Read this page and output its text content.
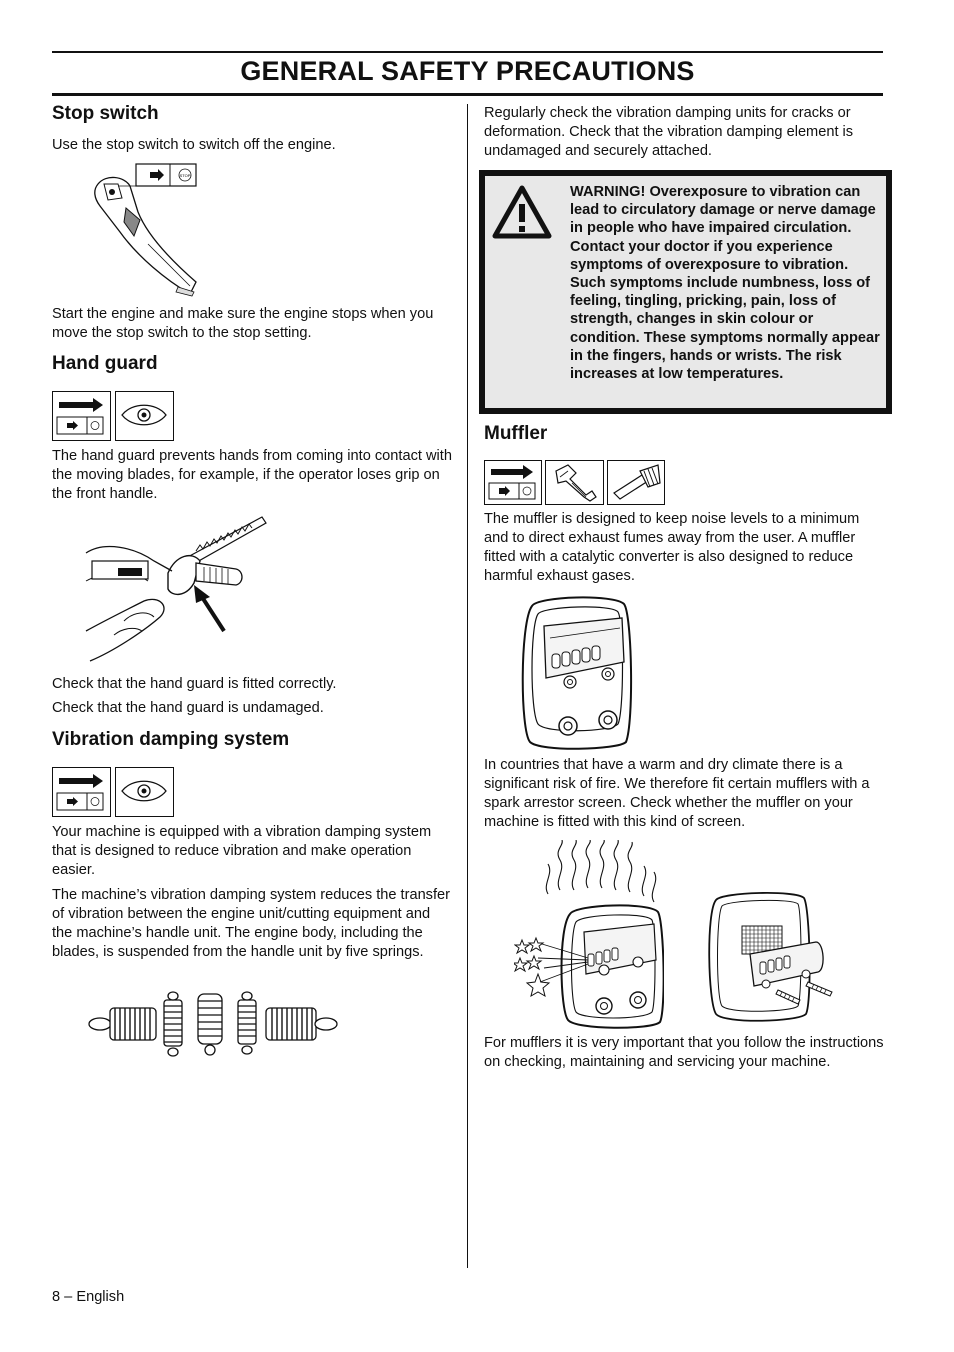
GENERAL SAFETY PRECAUTIONS
Stop switch

Use the stop switch to switch off the engine.

STOP

Start the engine and make sure the engine stops when you move the stop switch to the stop setting.

Hand guard

The hand guard prevents hands from coming into contact with the moving blades, for example, if the operator loses grip on the front handle.

Check that the hand guard is fitted correctly.

Check that the hand guard is undamaged.

Vibration damping system

Your machine is equipped with a vibration damping system that is designed to reduce vibration and make operation easier.

The machine’s vibration damping system reduces the transfer of vibration between the engine unit/cutting equipment and the machine’s handle unit. The engine body, including the blades, is suspended from the handle unit by five springs.

Regularly check the vibration damping units for cracks or deformation. Check that the vibration damping element is undamaged and securely attached.

WARNING! Overexposure to vibration can lead to circulatory damage or nerve damage in people who have impaired circulation. Contact your doctor if you experience symptoms of overexposure to vibration. Such symptoms include numbness, loss of feeling, tingling, pricking, pain, loss of strength, changes in skin colour or condition. These symptoms normally appear in the fingers, hands or wrists. The risk increases at low temperatures.
Muffler

The muffler is designed to keep noise levels to a minimum and to direct exhaust fumes away from the user. A muffler fitted with a catalytic converter is also designed to reduce harmful exhaust gases.

In countries that have a warm and dry climate there is a significant risk of fire. We therefore fit certain mufflers with a spark arrestor screen. Check whether the muffler on your machine is fitted with this kind of screen.

For mufflers it is very important that you follow the instructions on checking, maintaining and servicing your machine.

8 – English
